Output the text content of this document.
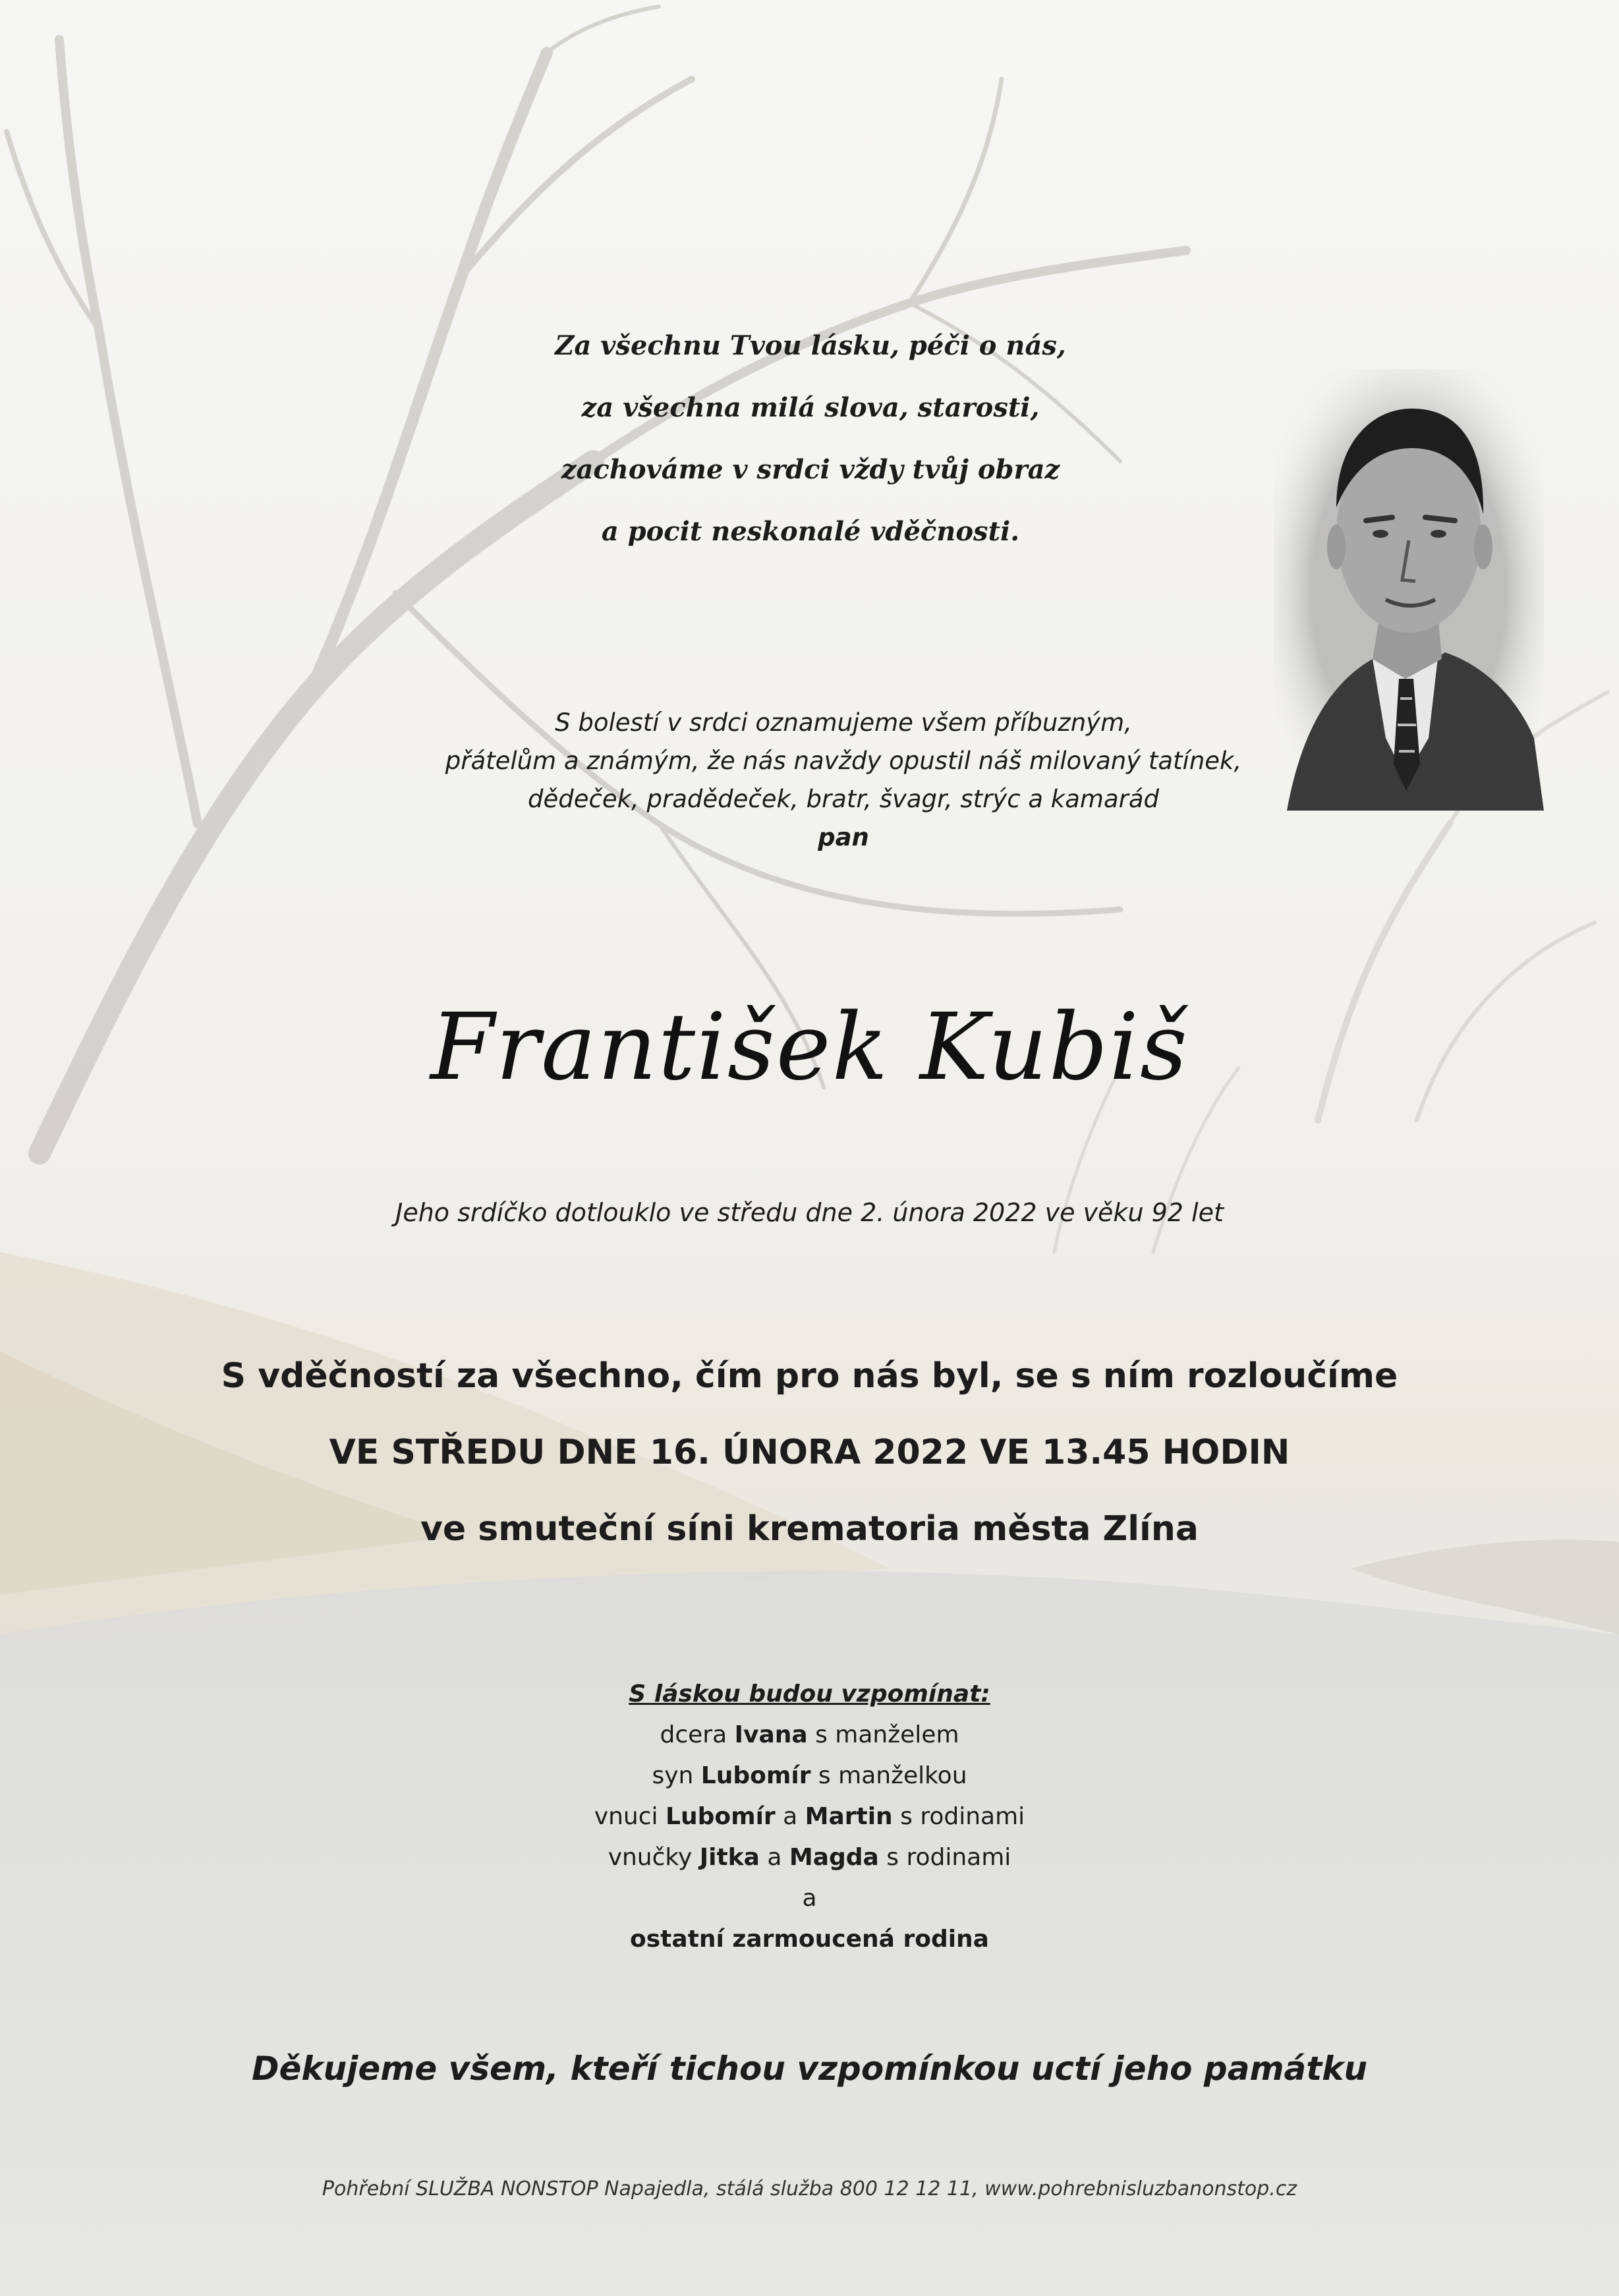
Za všechnu Tvou lásku, péči o nás,
za všechna milá slova, starosti,
zachováme v srdci vždy tvůj obraz
a pocit neskonalé vděčnosti.
S bolestí v srdci oznamujeme všem příbuzným,
přátelům a známým, že nás navždy opustil náš milovaný tatínek,
dědeček, pradědeček, bratr, švagr, strýc a kamarád
pan
František Kubiš
Jeho srdíčko dotlouklo ve středu dne 2. února 2022 ve věku 92 let
S vděčností za všechno, čím pro nás byl, se s ním rozloučíme
VE STŘEDU DNE 16. ÚNORA 2022 VE 13.45 HODIN
ve smuteční síni krematoria města Zlína
S láskou budou vzpomínat:
dcera Ivana s manželem
syn Lubomír s manželkou
vnuci Lubomír a Martin s rodinami
vnučky Jitka a Magda s rodinami
a
ostatní zarmoucená rodina
Děkujeme všem, kteří tichou vzpomínkou uctí jeho památku
Pohřební SLUŽBA NONSTOP Napajedla, stálá služba 800 12 12 11, www.pohrebnisluzbanonstop.cz
